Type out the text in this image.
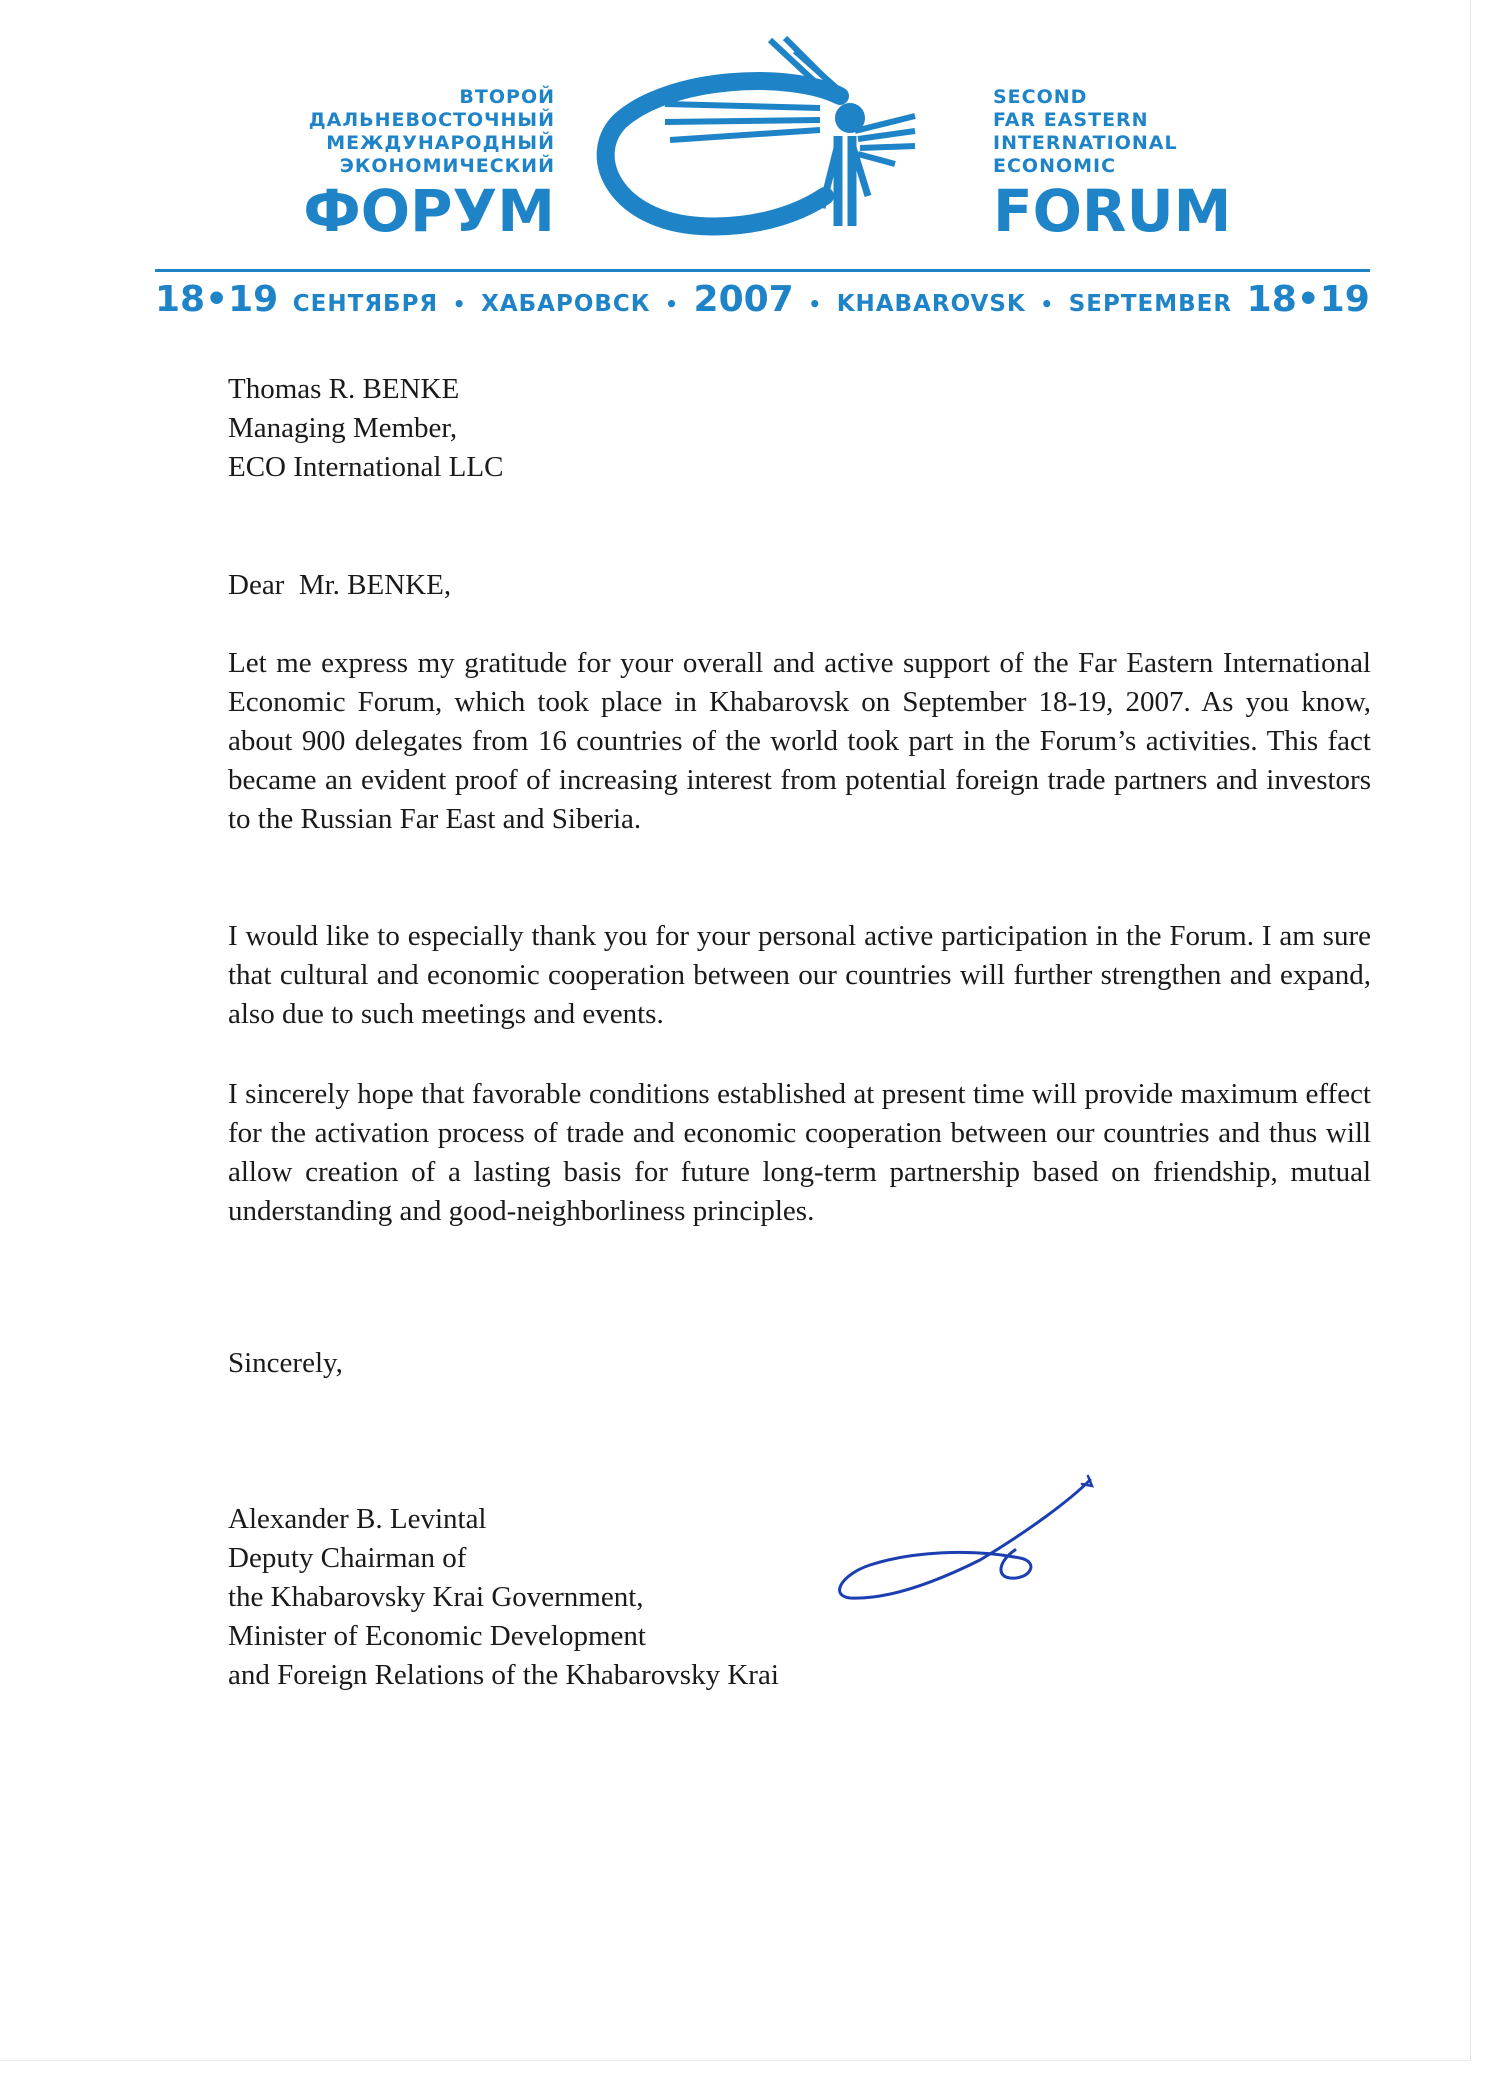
ВТОРОЙ
ДАЛЬНЕВОСТОЧНЫЙ
МЕЖДУНАРОДНЫЙ
ЭКОНОМИЧЕСКИЙ
ФОРУМ
SECOND
FAR EASTERN
INTERNATIONAL
ECONOMIC
FORUM
18•19 СЕНТЯБРЯ • ХАБАРОВСК • 2007 • KHABAROVSK • SEPTEMBER 18•19

Thomas R. BENKE

Managing Member,

ECO International LLC

Dear  Mr. BENKE,

Let me express my gratitude for your overall and active support of the Far Eastern International Economic Forum, which took place in Khabarovsk on September 18-19, 2007. As you know, about 900 delegates from 16 countries of the world took part in the Forum’s activities. This fact became an evident proof of increasing interest from potential foreign trade partners and investors to the Russian Far East and Siberia.

I would like to especially thank you for your personal active participation in the Forum. I am sure that cultural and economic cooperation between our countries will further strengthen and expand, also due to such meetings and events.

I sincerely hope that favorable conditions established at present time will provide maximum effect for the activation process of trade and economic cooperation between our countries and thus will allow creation of a lasting basis for future long-term partnership based on friendship, mutual understanding and good-neighborliness principles.

Sincerely,

Alexander B. Levintal

Deputy Chairman of

the Khabarovsky Krai Government,

Minister of Economic Development

and Foreign Relations of the Khabarovsky Krai
